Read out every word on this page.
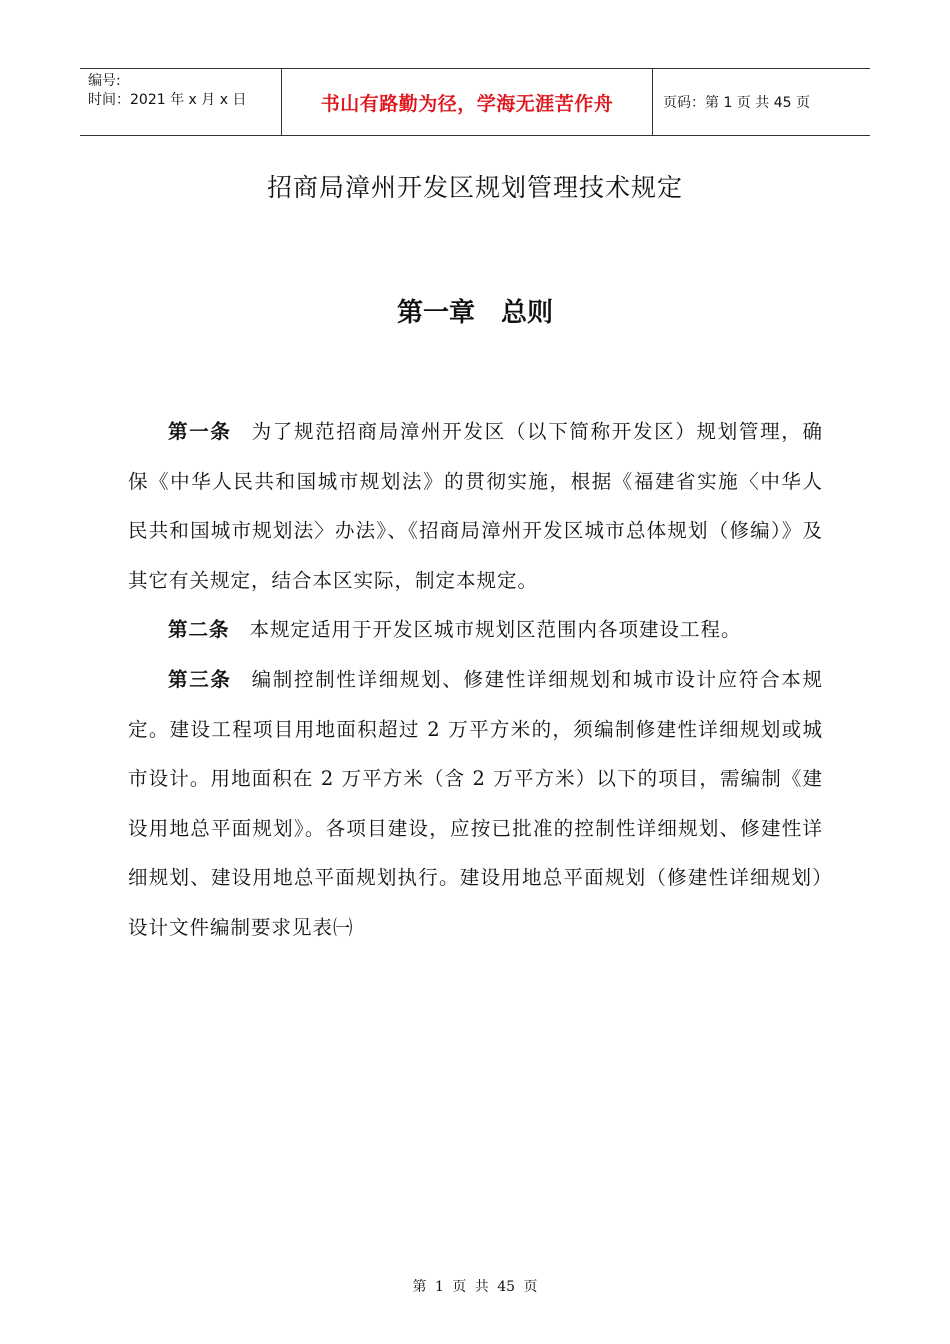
编号:
时间：2021 年 x 月 x 日	书山有路勤为径，学海无涯苦作舟	页码：第 1 页 共 45 页
招商局漳州开发区规划管理技术规定
第一章　总则

第一条 为了规范招商局漳州开发区（以下简称开发区）规划管理，确保《中华人民共和国城市规划法》的贯彻实施，根据《福建省实施〈中华人民共和国城市规划法〉办法》、《招商局漳州开发区城市总体规划（修编）》及其它有关规定，结合本区实际，制定本规定。

第二条 本规定适用于开发区城市规划区范围内各项建设工程。

第三条 编制控制性详细规划、修建性详细规划和城市设计应符合本规定。建设工程项目用地面积超过 2 万平方米的，须编制修建性详细规划或城市设计。用地面积在 2 万平方米（含 2 万平方米）以下的项目，需编制《建设用地总平面规划》。各项目建设，应按已批准的控制性详细规划、修建性详细规划、建设用地总平面规划执行。建设用地总平面规划（修建性详细规划）设计文件编制要求见表㈠

第 1 页 共 45 页
